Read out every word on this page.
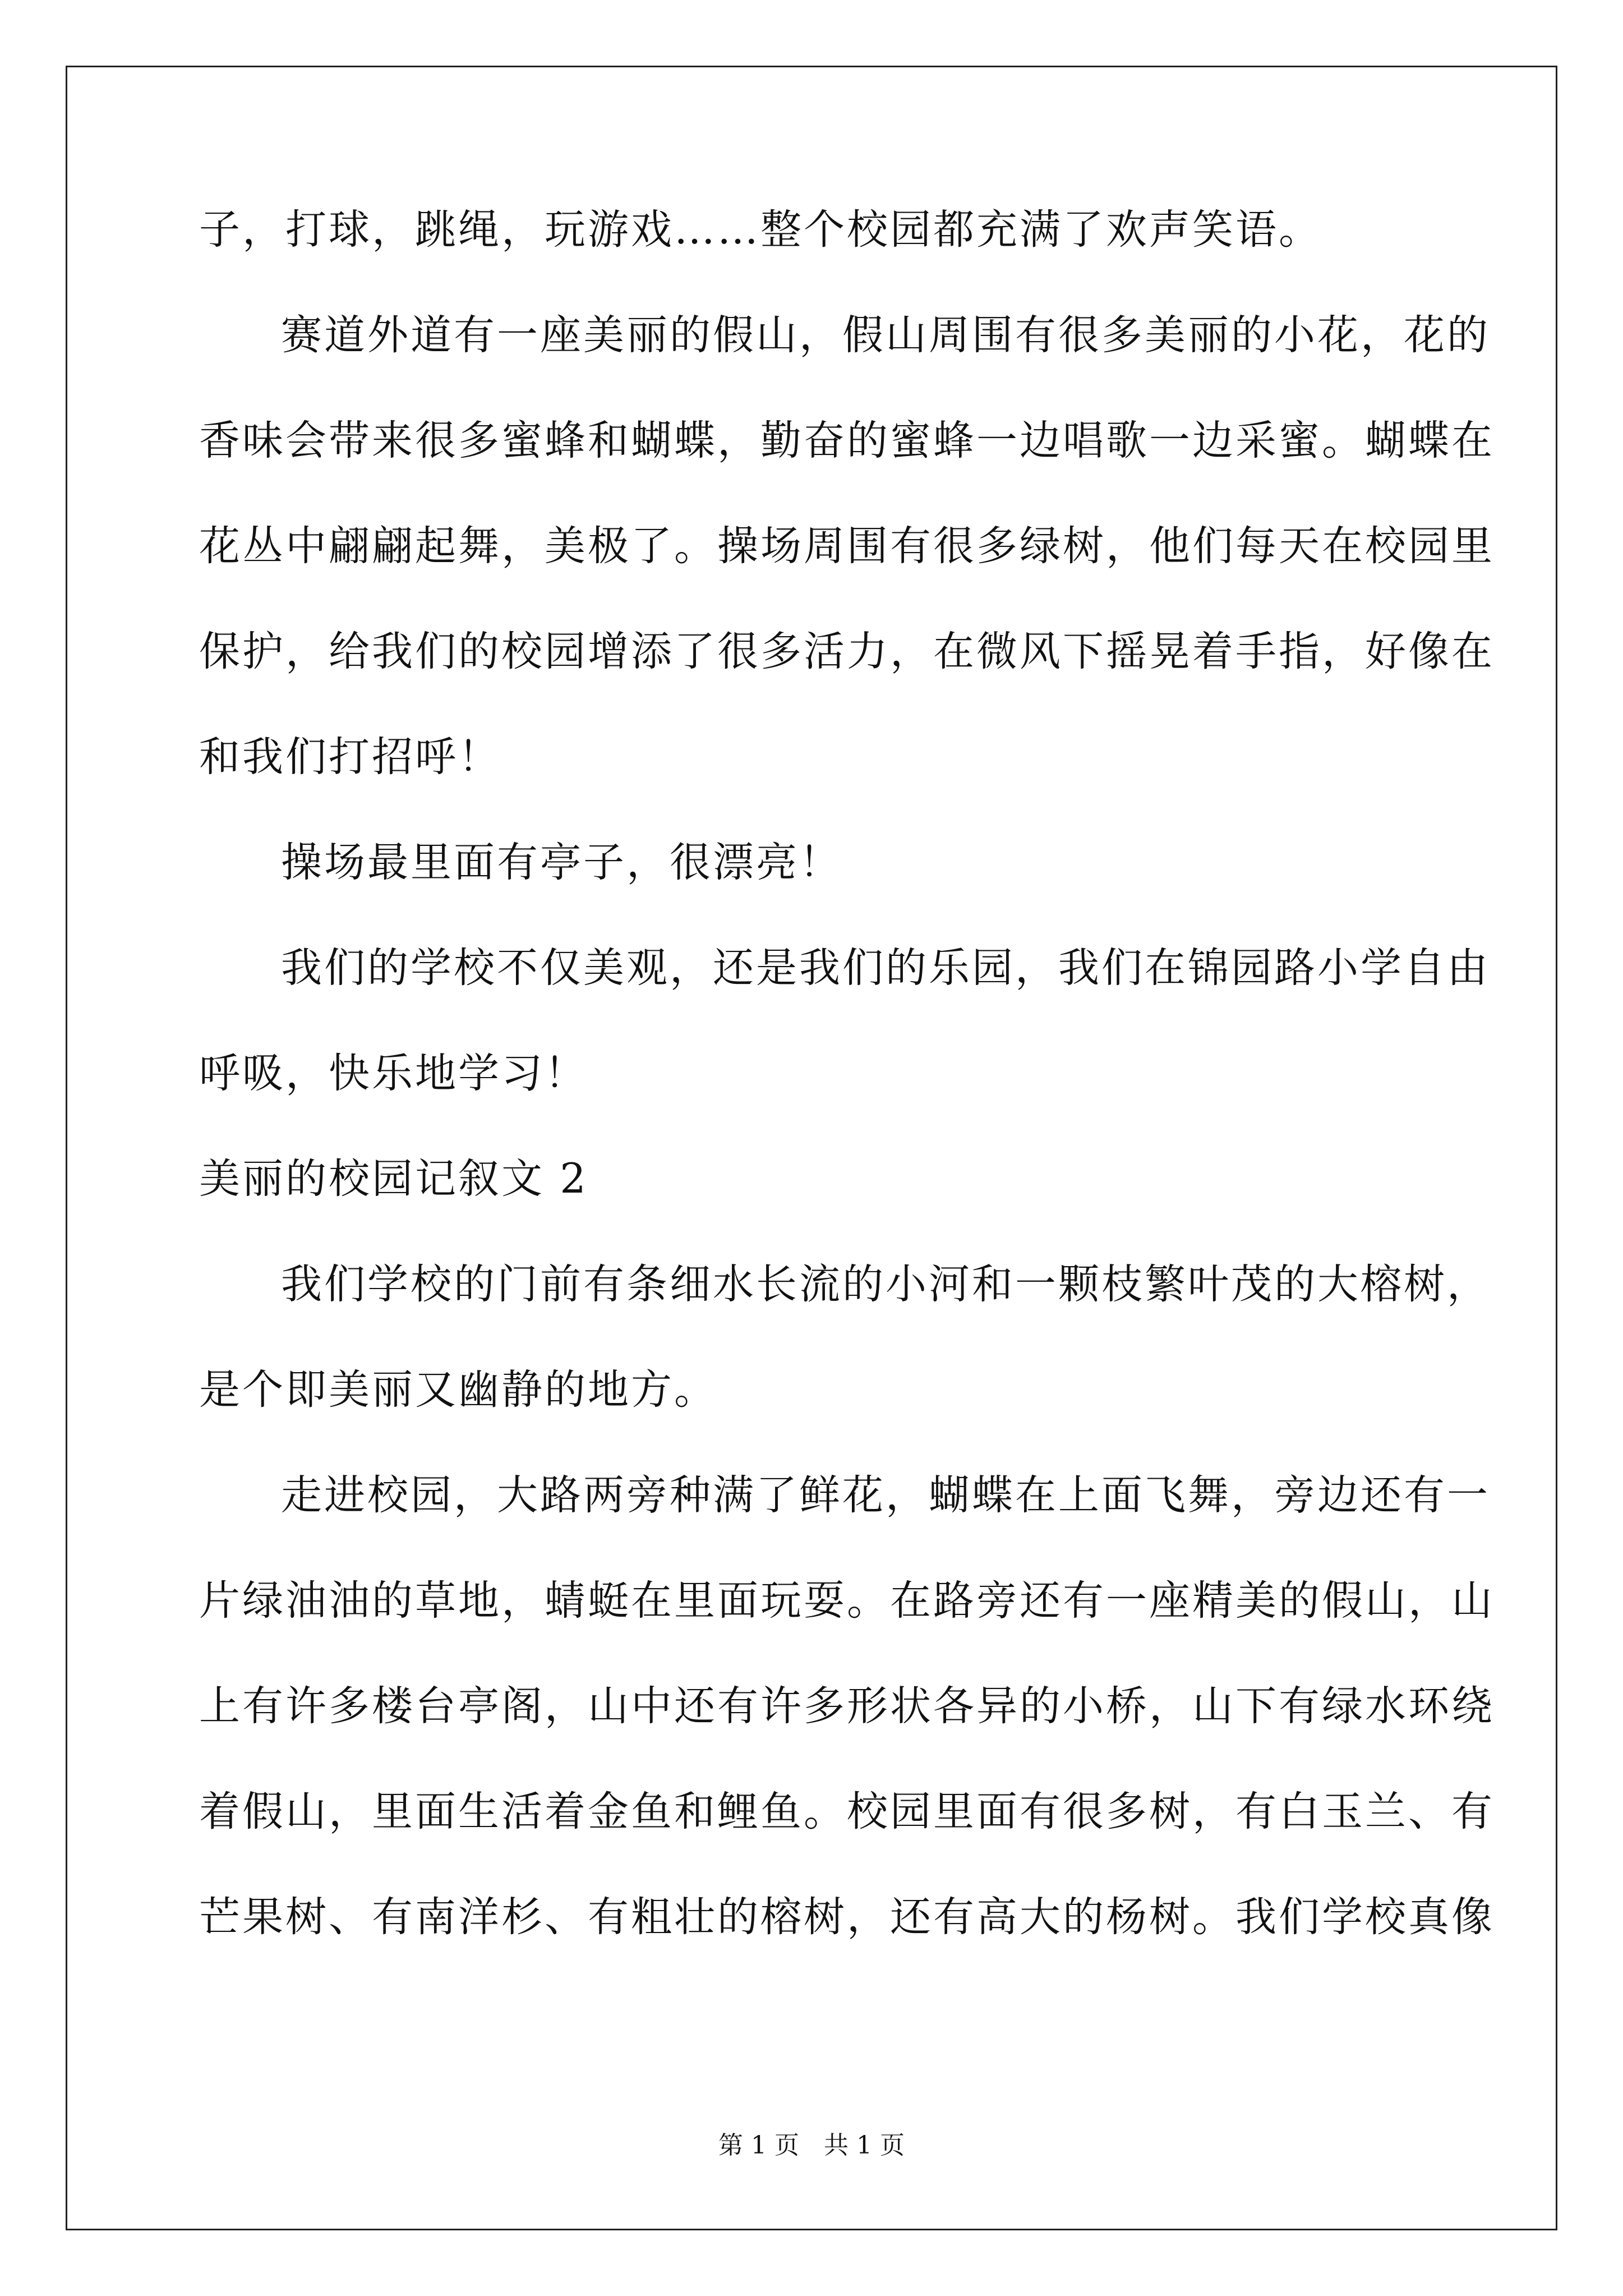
子，打球，跳绳，玩游戏……整个校园都充满了欢声笑语。
赛道外道有一座美丽的假山，假山周围有很多美丽的小花，花的
香味会带来很多蜜蜂和蝴蝶，勤奋的蜜蜂一边唱歌一边采蜜。蝴蝶在
花丛中翩翩起舞，美极了。操场周围有很多绿树，他们每天在校园里
保护，给我们的校园增添了很多活力，在微风下摇晃着手指，好像在
和我们打招呼！
操场最里面有亭子，很漂亮！
我们的学校不仅美观，还是我们的乐园，我们在锦园路小学自由
呼吸，快乐地学习！
美丽的校园记叙文 2
我们学校的门前有条细水长流的小河和一颗枝繁叶茂的大榕树，
是个即美丽又幽静的地方。
走进校园，大路两旁种满了鲜花，蝴蝶在上面飞舞，旁边还有一
片绿油油的草地，蜻蜓在里面玩耍。在路旁还有一座精美的假山，山
上有许多楼台亭阁，山中还有许多形状各异的小桥，山下有绿水环绕
着假山，里面生活着金鱼和鲤鱼。校园里面有很多树，有白玉兰、有
芒果树、有南洋杉、有粗壮的榕树，还有高大的杨树。我们学校真像
第 1 页　共 1 页
